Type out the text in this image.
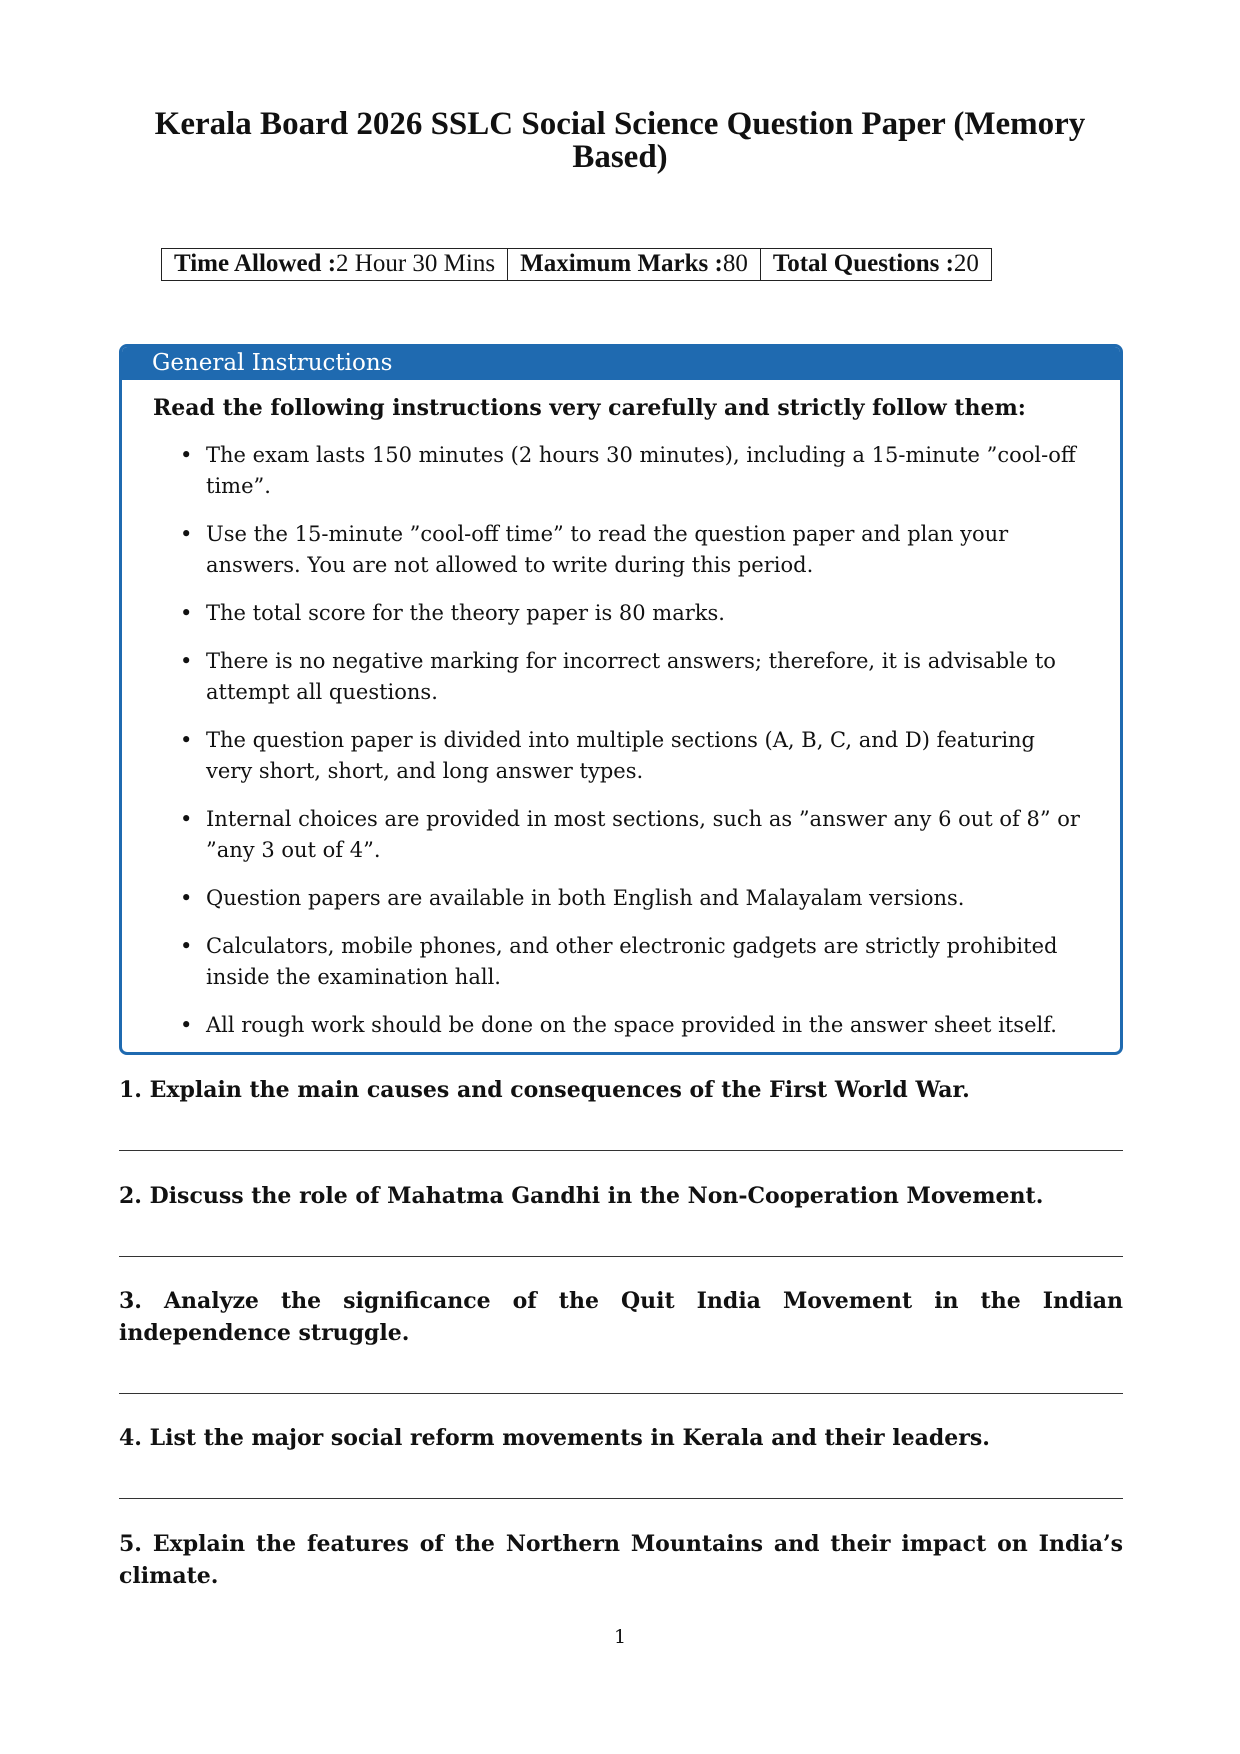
Kerala Board 2026 SSLC Social Science Question Paper (Memory Based)
Time Allowed :2 Hour 30 Mins	Maximum Marks :80	Total Questions :20
General Instructions
Read the following instructions very carefully and strictly follow them:
• The exam lasts 150 minutes (2 hours 30 minutes), including a 15-minute ”cool-off time”.
• Use the 15-minute ”cool-off time” to read the question paper and plan your answers. You are not allowed to write during this period.
• The total score for the theory paper is 80 marks.
• There is no negative marking for incorrect answers; therefore, it is advisable to attempt all questions.
• The question paper is divided into multiple sections (A, B, C, and D) featuring very short, short, and long answer types.
• Internal choices are provided in most sections, such as ”answer any 6 out of 8” or ”any 3 out of 4”.
• Question papers are available in both English and Malayalam versions.
• Calculators, mobile phones, and other electronic gadgets are strictly prohibited inside the examination hall.
• All rough work should be done on the space provided in the answer sheet itself.

1. Explain the main causes and consequences of the First World War.

2. Discuss the role of Mahatma Gandhi in the Non-Cooperation Movement.

3. Analyze the significance of the Quit India Movement in the Indian independence struggle.

4. List the major social reform movements in Kerala and their leaders.

5. Explain the features of the Northern Mountains and their impact on India’s climate.

1
